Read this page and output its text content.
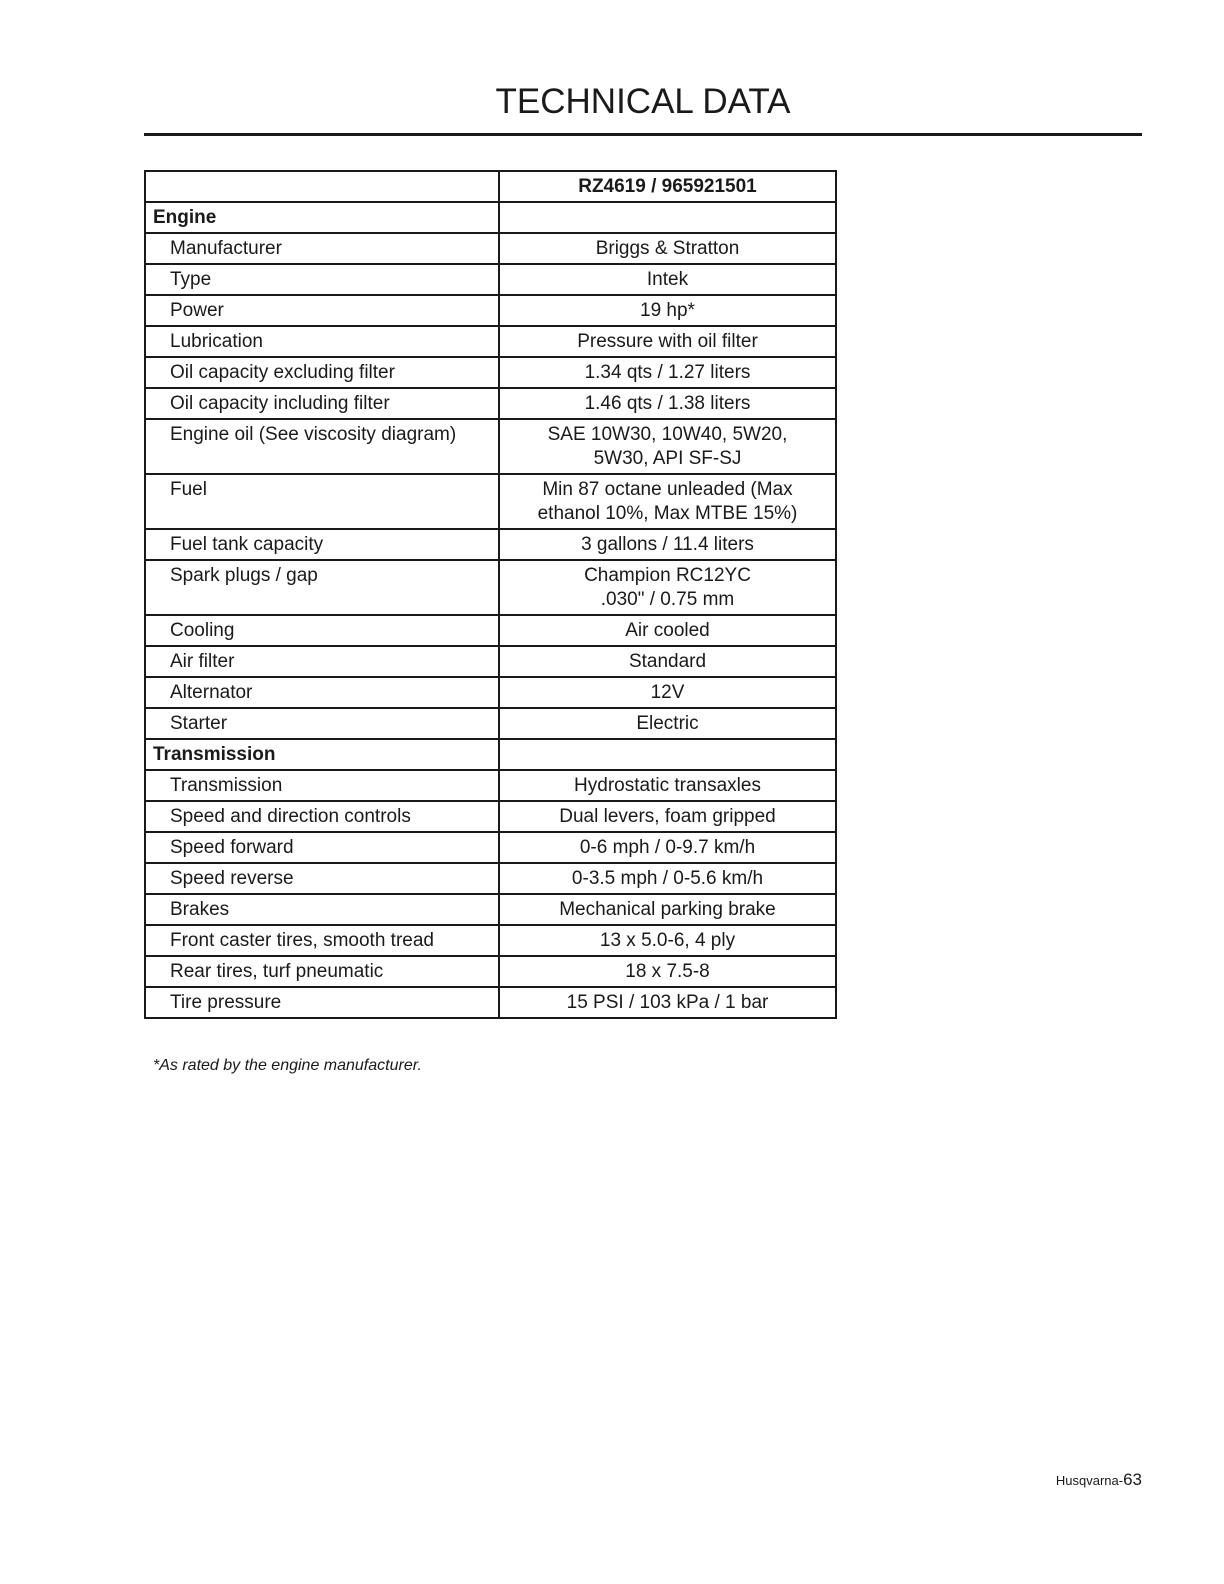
TECHNICAL DATA
	RZ4619 / 965921501
Engine	
Manufacturer	Briggs & Stratton
Type	Intek
Power	19 hp*
Lubrication	Pressure with oil filter
Oil capacity excluding filter	1.34 qts / 1.27 liters
Oil capacity including filter	1.46 qts / 1.38 liters
Engine oil (See viscosity diagram)	SAE 10W30, 10W40, 5W20,
5W30, API SF-SJ
Fuel	Min 87 octane unleaded (Max
ethanol 10%, Max MTBE 15%)
Fuel tank capacity	3 gallons / 11.4 liters
Spark plugs / gap	Champion RC12YC
.030" / 0.75 mm
Cooling	Air cooled
Air filter	Standard
Alternator	12V
Starter	Electric
Transmission	
Transmission	Hydrostatic transaxles
Speed and direction controls	Dual levers, foam gripped
Speed forward	0-6 mph / 0-9.7 km/h
Speed reverse	0-3.5 mph / 0-5.6 km/h
Brakes	Mechanical parking brake
Front caster tires, smooth tread	13 x 5.0-6, 4 ply
Rear tires, turf pneumatic	18 x 7.5-8
Tire pressure	15 PSI / 103 kPa / 1 bar

*As rated by the engine manufacturer.

Husqvarna-63
